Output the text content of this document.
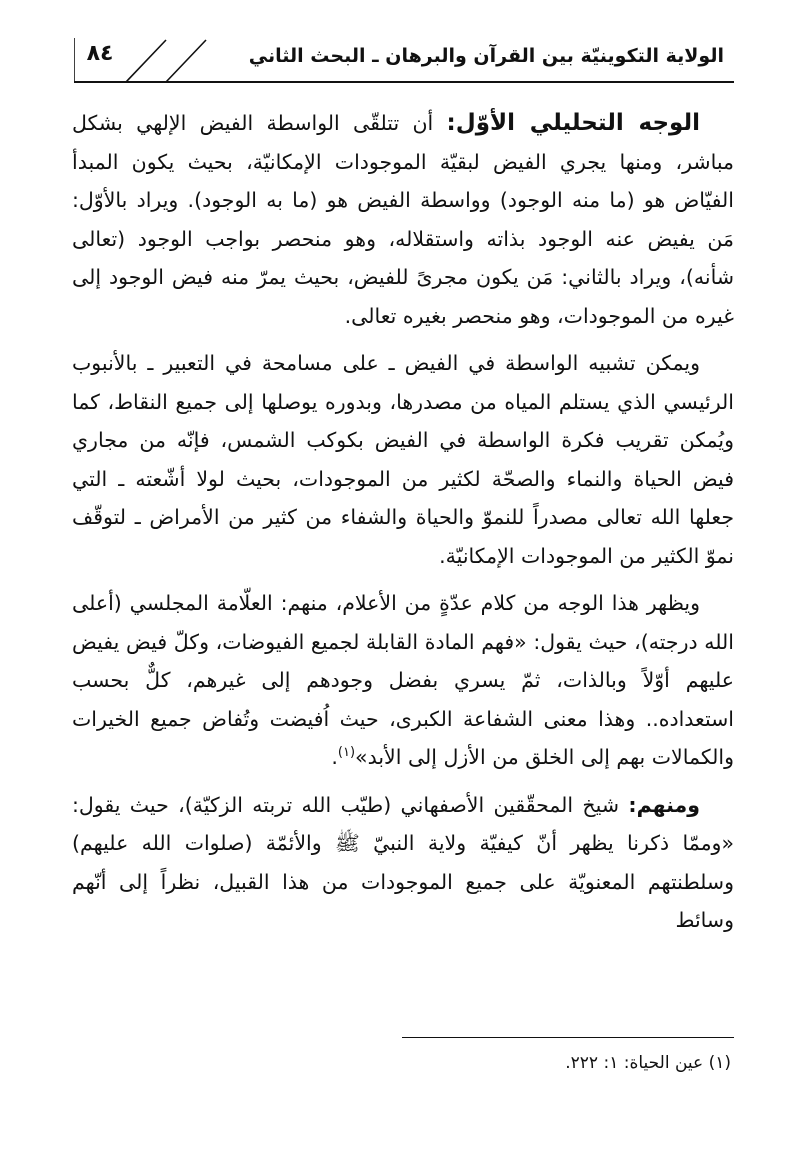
٨٤	الولاية التكوينيّة بين القرآن والبرهان ـ البحث الثاني

الوجه التحليلي الأوّل: أن تتلقّى الواسطة الفيض الإلهي بشكل مباشر، ومنها يجري الفيض لبقيّة الموجودات الإمكانيّة، بحيث يكون المبدأ الفيّاض هو (ما منه الوجود) وواسطة الفيض هو (ما به الوجود). ويراد بالأوّل: مَن يفيض عنه الوجود بذاته واستقلاله، وهو منحصر بواجب الوجود (تعالى شأنه)، ويراد بالثاني: مَن يكون مجرىً للفيض، بحيث يمرّ منه فيض الوجود إلى غيره من الموجودات، وهو منحصر بغيره تعالى.

ويمكن تشبيه الواسطة في الفيض ـ على مسامحة في التعبير ـ بالأنبوب الرئيسي الذي يستلم المياه من مصدرها، وبدوره يوصلها إلى جميع النقاط، كما ويُمكن تقريب فكرة الواسطة في الفيض بكوكب الشمس، فإنّه من مجاري فيض الحياة والنماء والصحّة لكثير من الموجودات، بحيث لولا أشّعته ـ التي جعلها الله تعالى مصدراً للنموّ والحياة والشفاء من كثير من الأمراض ـ لتوقّف نموّ الكثير من الموجودات الإمكانيّة.

ويظهر هذا الوجه من كلام عدّةٍ من الأعلام، منهم: العلّامة المجلسي (أعلى الله درجته)، حيث يقول: «فهم المادة القابلة لجميع الفيوضات، وكلّ فيض يفيض عليهم أوّلاً وبالذات، ثمّ يسري بفضل وجودهم إلى غيرهم، كلٌّ بحسب استعداده.. وهذا معنى الشفاعة الكبرى، حيث اُفيضت وتُفاض جميع الخيرات والكمالات بهم إلى الخلق من الأزل إلى الأبد»$^{(١)}$.

ومنهم: شيخ المحقّقين الأصفهاني (طيّب الله تربته الزكيّة)، حيث يقول: «وممّا ذكرنا يظهر أنّ كيفيّة ولاية النبيّ ﷺ والأئمّة (صلوات الله عليهم) وسلطنتهم المعنويّة على جميع الموجودات من هذا القبيل، نظراً إلى أنّهم وسائط

(١) عين الحياة: ١: ٢٢٢.
